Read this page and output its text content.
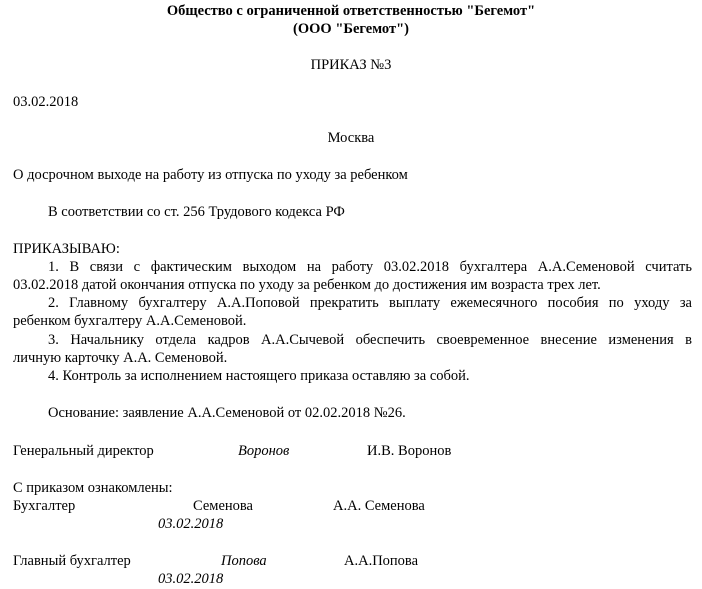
Общество с ограниченной ответственностью "Бегемот"
(ООО "Бегемот")
ПРИКАЗ №3
03.02.2018
Москва
О досрочном выходе на работу из отпуска по уходу за ребенком
В соответствии со ст. 256 Трудового кодекса РФ
ПРИКАЗЫВАЮ:
1. В связи с фактическим выходом на работу 03.02.2018 бухгалтера А.А.Семеновой считать
03.02.2018 датой окончания отпуска по уходу за ребенком до достижения им возраста трех лет.
2. Главному бухгалтеру А.А.Поповой прекратить выплату ежемесячного пособия по уходу за
ребенком бухгалтеру А.А.Семеновой.
3. Начальнику отдела кадров А.А.Сычевой обеспечить своевременное внесение изменения в
личную карточку А.А. Семеновой.
4. Контроль за исполнением настоящего приказа оставляю за собой.
Основание: заявление А.А.Семеновой от 02.02.2018 №26.
Генеральный директор	Воронов	И.В. Воронов
С приказом ознакомлены:
Бухгалтер	Семенова	А.А. Семенова
03.02.2018
Главный бухгалтер	Попова	А.А.Попова
03.02.2018
